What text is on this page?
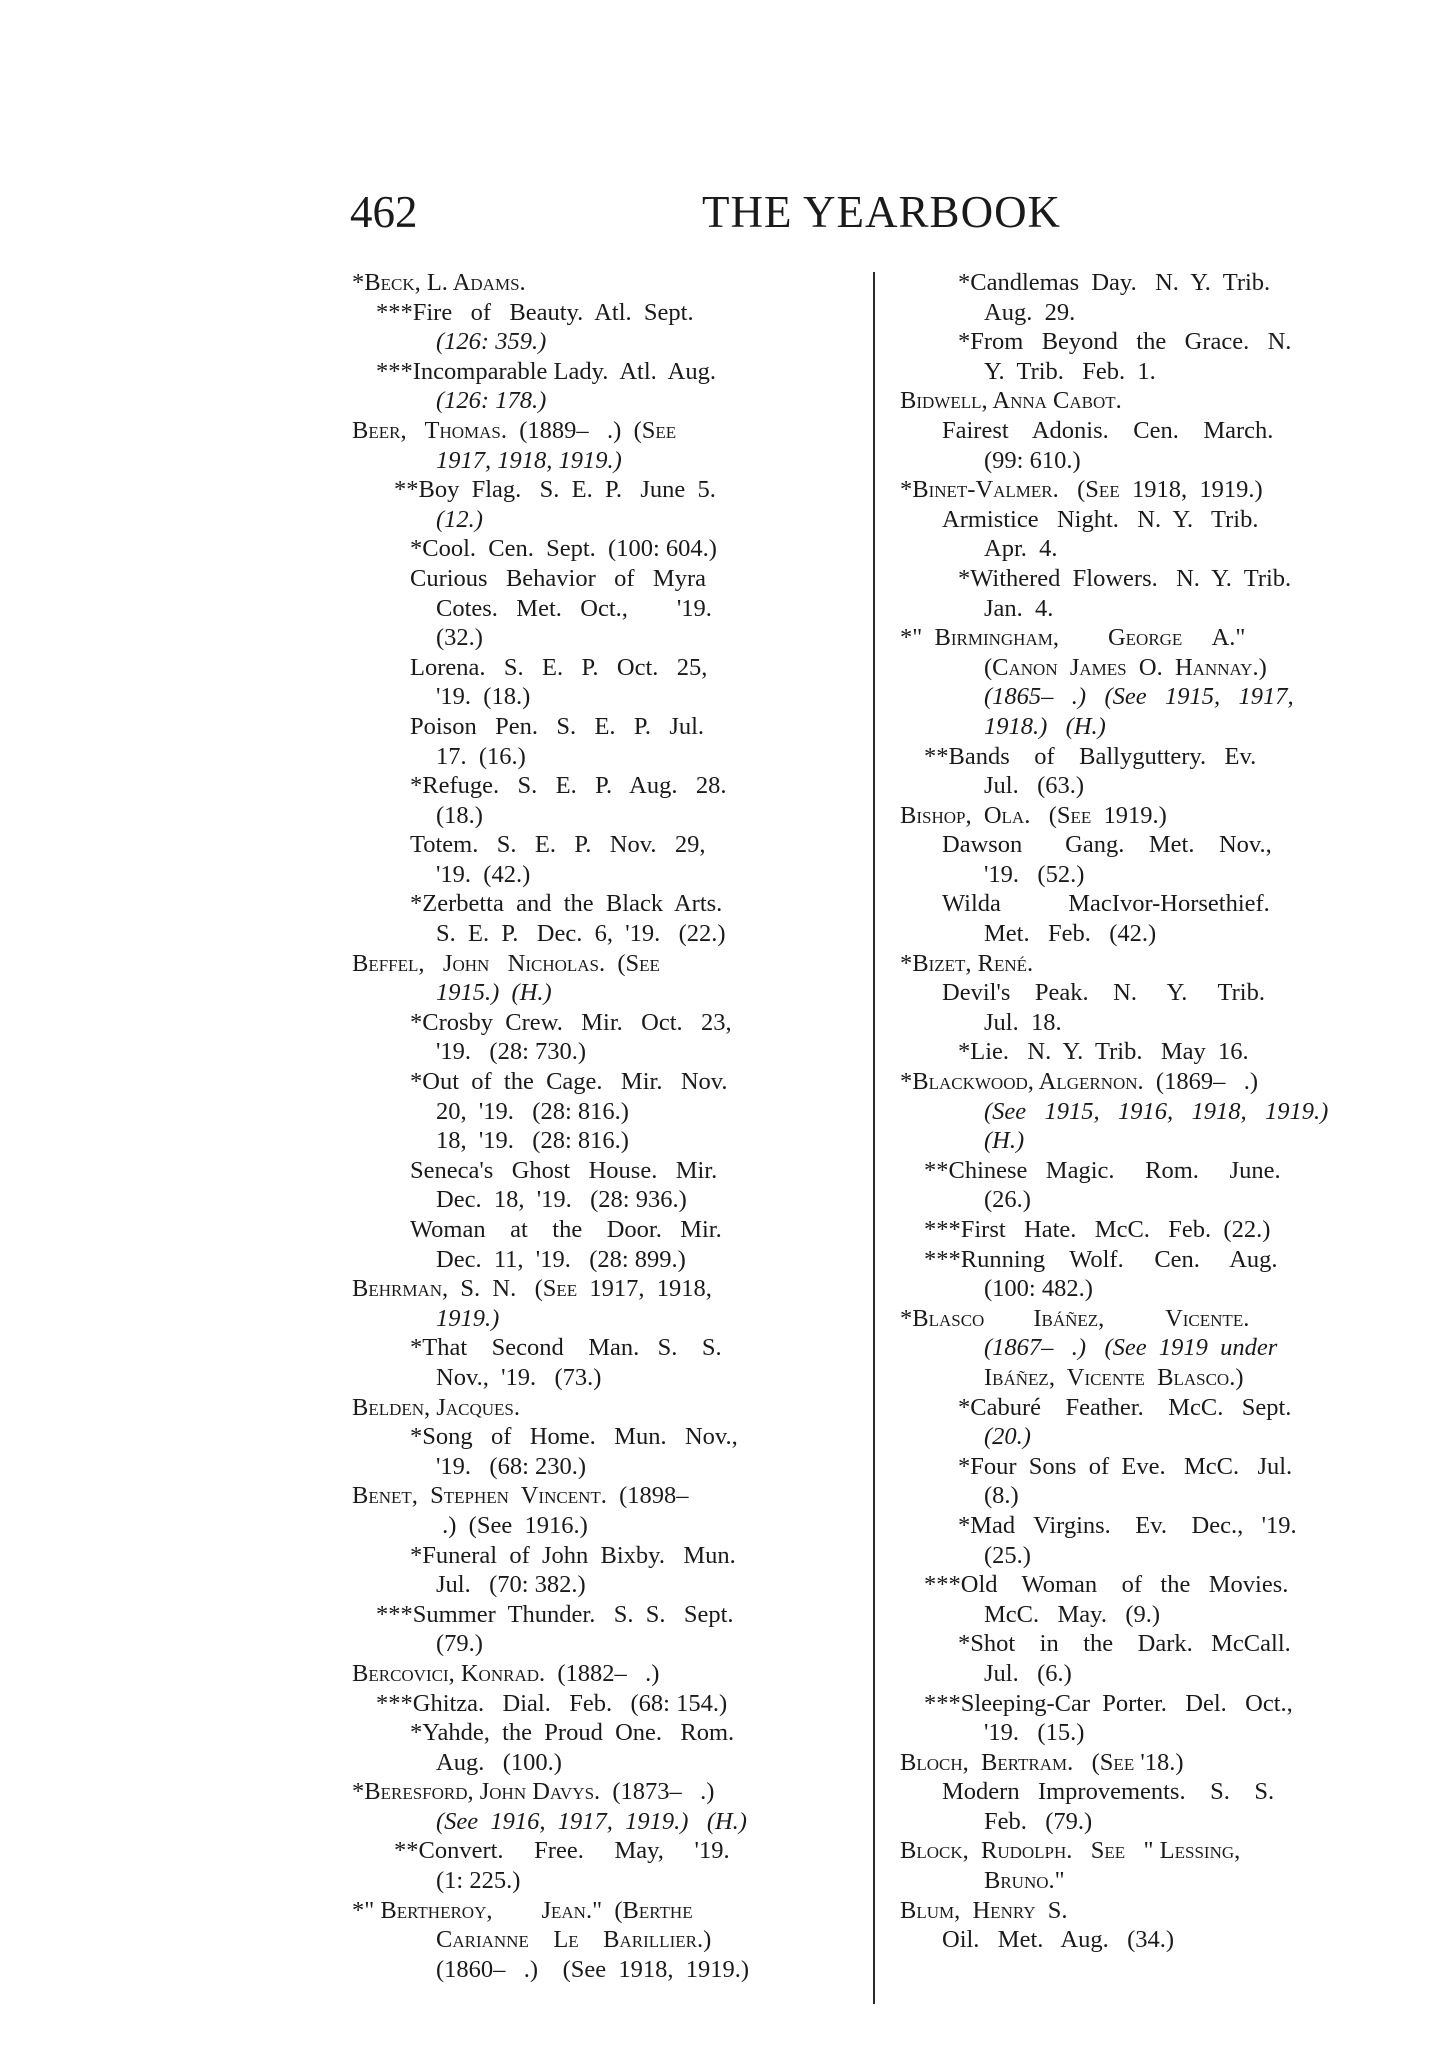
462	THE YEARBOOK
*Beck, L. Adams.
***Fire   of   Beauty.  Atl.  Sept.
(126: 359.)
***Incomparable Lady.  Atl.  Aug.
(126: 178.)
Beer,   Thomas.  (1889–   .)  (See
1917, 1918, 1919.)
**Boy  Flag.   S.  E.  P.   June  5.
(12.)
*Cool.  Cen.  Sept.  (100: 604.)
Curious   Behavior   of   Myra
Cotes.   Met.   Oct.,        '19.
(32.)
Lorena.   S.   E.   P.   Oct.   25,
'19.  (18.)
Poison   Pen.   S.   E.   P.   Jul.
17.  (16.)
*Refuge.   S.   E.   P.   Aug.   28.
(18.)
Totem.   S.   E.   P.   Nov.   29,
'19.  (42.)
*Zerbetta  and  the  Black  Arts.
S.  E.  P.   Dec.  6,  '19.   (22.)
Beffel,   John   Nicholas.  (See
1915.)  (H.)
*Crosby  Crew.   Mir.   Oct.   23,
'19.   (28: 730.)
*Out  of  the  Cage.   Mir.   Nov.
20,  '19.   (28: 816.)
18,  '19.   (28: 816.)
Seneca's   Ghost   House.   Mir.
Dec.  18,  '19.   (28: 936.)
Woman    at    the    Door.   Mir.
Dec.  11,  '19.   (28: 899.)
Behrman,  S.  N.   (See  1917,  1918,
1919.)
*That    Second    Man.   S.    S.
Nov.,  '19.   (73.)
Belden, Jacques.
*Song   of   Home.   Mun.   Nov.,
'19.   (68: 230.)
Benet,  Stephen  Vincent.  (1898–
.)  (See  1916.)
*Funeral  of  John  Bixby.   Mun.
Jul.   (70: 382.)
***Summer  Thunder.   S.  S.   Sept.
(79.)
Bercovici, Konrad.  (1882–   .)
***Ghitza.   Dial.   Feb.   (68: 154.)
*Yahde,  the  Proud  One.   Rom.
Aug.   (100.)
*Beresford, John Davys.  (1873–   .)
(See  1916,  1917,  1919.)   (H.)
**Convert.     Free.     May,     '19.
(1: 225.)
*" Bertheroy,        Jean."  (Berthe
Carianne    Le    Barillier.)
(1860–   .)    (See  1918,  1919.)
*Candlemas  Day.   N.  Y.  Trib.
Aug.  29.
*From   Beyond   the   Grace.   N.
Y.  Trib.   Feb.  1.
Bidwell, Anna Cabot.
Fairest    Adonis.    Cen.    March.
(99: 610.)
*Binet-Valmer.   (See  1918,  1919.)
Armistice   Night.   N.  Y.   Trib.
Apr.  4.
*Withered  Flowers.   N.  Y.  Trib.
Jan.  4.
*"  Birmingham,        George     A."
(Canon  James  O.  Hannay.)
(1865–   .)   (See   1915,   1917,
1918.)   (H.)
**Bands    of    Ballyguttery.   Ev.
Jul.   (63.)
Bishop,  Ola.   (See  1919.)
Dawson       Gang.    Met.    Nov.,
'19.   (52.)
Wilda           MacIvor-Horsethief.
Met.   Feb.   (42.)
*Bizet, René.
Devil's    Peak.    N.     Y.     Trib.
Jul.  18.
*Lie.   N.  Y.  Trib.   May  16.
*Blackwood, Algernon.  (1869–   .)
(See   1915,   1916,   1918,   1919.)
(H.)
**Chinese   Magic.     Rom.     June.
(26.)
***First   Hate.   McC.   Feb.  (22.)
***Running    Wolf.     Cen.     Aug.
(100: 482.)
*Blasco        Ibáñez,          Vicente.
(1867–   .)   (See  1919  under
Ibáñez,  Vicente  Blasco.)
*Caburé    Feather.    McC.   Sept.
(20.)
*Four  Sons  of  Eve.   McC.   Jul.
(8.)
*Mad   Virgins.    Ev.    Dec.,   '19.
(25.)
***Old    Woman    of   the   Movies.
McC.   May.   (9.)
*Shot    in    the    Dark.   McCall.
Jul.   (6.)
***Sleeping-Car  Porter.   Del.   Oct.,
'19.   (15.)
Bloch,  Bertram.   (See '18.)
Modern   Improvements.    S.    S.
Feb.   (79.)
Block,  Rudolph.   See   " Lessing,
Bruno."
Blum,  Henry  S.
Oil.   Met.   Aug.   (34.)
